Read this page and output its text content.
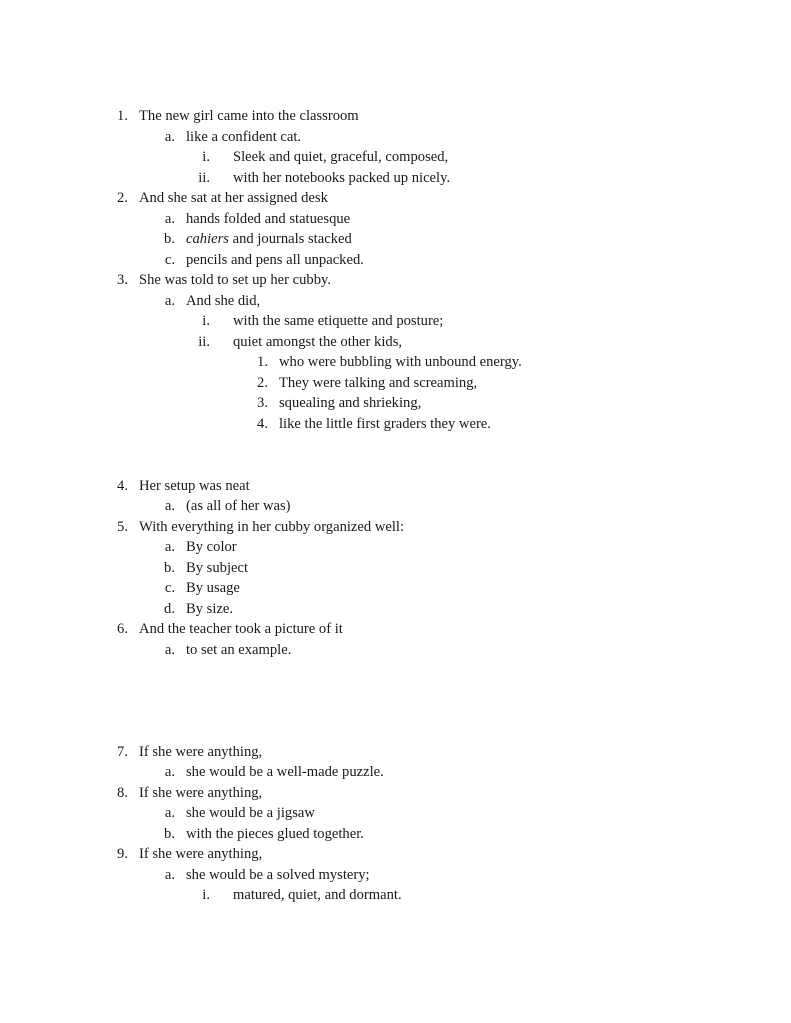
1. The new girl came into the classroom
a. like a confident cat.
i. Sleek and quiet, graceful, composed,
ii. with her notebooks packed up nicely.
2. And she sat at her assigned desk
a. hands folded and statuesque
b. cahiers and journals stacked
c. pencils and pens all unpacked.
3. She was told to set up her cubby.
a. And she did,
i. with the same etiquette and posture;
ii. quiet amongst the other kids,
1. who were bubbling with unbound energy.
2. They were talking and screaming,
3. squealing and shrieking,
4. like the little first graders they were.
4. Her setup was neat
a. (as all of her was)
5. With everything in her cubby organized well:
a. By color
b. By subject
c. By usage
d. By size.
6. And the teacher took a picture of it
a. to set an example.
7. If she were anything,
a. she would be a well-made puzzle.
8. If she were anything,
a. she would be a jigsaw
b. with the pieces glued together.
9. If she were anything,
a. she would be a solved mystery;
i. matured, quiet, and dormant.
